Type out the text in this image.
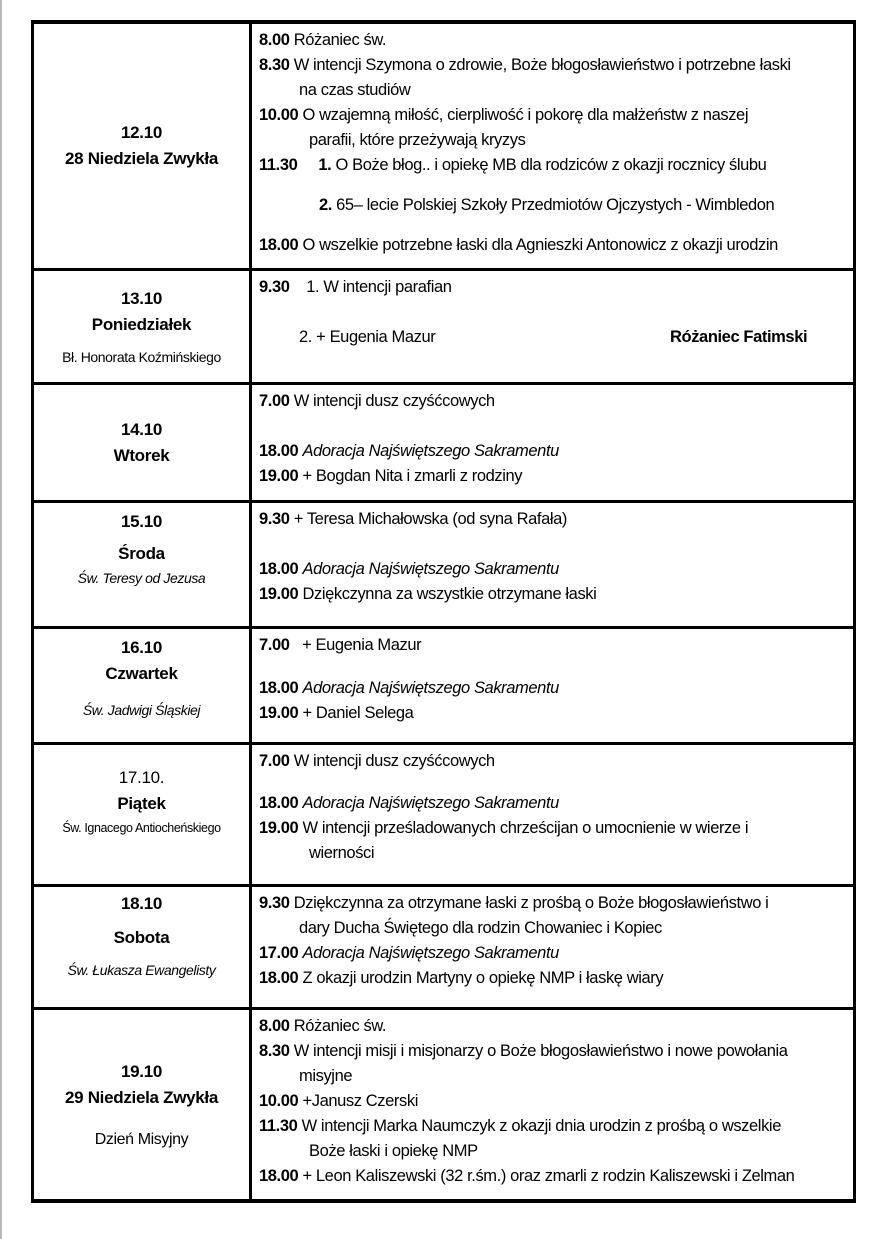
12.10
28 Niedziela Zwykła
8.00 Różaniec św.
8.30 W intencji Szymona o zdrowie, Boże błogosławieństwo i potrzebne łaski
na czas studiów
10.00 O wzajemną miłość, cierpliwość i pokorę dla małżeństw z naszej
parafii, które przeżywają kryzys
11.30 1. O Boże błog.. i opiekę MB dla rodziców z okazji rocznicy ślubu
2. 65– lecie Polskiej Szkoły Przedmiotów Ojczystych - Wimbledon
18.00 O wszelkie potrzebne łaski dla Agnieszki Antonowicz z okazji urodzin
13.10
Poniedziałek
Bł. Honorata Koźmińskiego
9.30 1. W intencji parafian
2. + Eugenia Mazur	Różaniec Fatimski
14.10
Wtorek
7.00 W intencji dusz czyśćcowych
18.00 Adoracja Najświętszego Sakramentu
19.00 + Bogdan Nita i zmarli z rodziny
15.10
Środa
Św. Teresy od Jezusa
9.30 + Teresa Michałowska (od syna Rafała)
18.00 Adoracja Najświętszego Sakramentu
19.00 Dziękczynna za wszystkie otrzymane łaski
16.10
Czwartek
Św. Jadwigi Śląskiej
7.00 + Eugenia Mazur
18.00 Adoracja Najświętszego Sakramentu
19.00 + Daniel Selega
17.10.
Piątek
Św. Ignacego Antiocheńskiego
7.00 W intencji dusz czyśćcowych
18.00 Adoracja Najświętszego Sakramentu
19.00 W intencji prześladowanych chrześcijan o umocnienie w wierze i
wierności
18.10
Sobota
Św. Łukasza Ewangelisty
9.30 Dziękczynna za otrzymane łaski z prośbą o Boże błogosławieństwo i
dary Ducha Świętego dla rodzin Chowaniec i Kopiec
17.00 Adoracja Najświętszego Sakramentu
18.00 Z okazji urodzin Martyny o opiekę NMP i łaskę wiary
19.10
29 Niedziela Zwykła
Dzień Misyjny
8.00 Różaniec św.
8.30 W intencji misji i misjonarzy o Boże błogosławieństwo i nowe powołania
misyjne
10.00 +Janusz Czerski
11.30 W intencji Marka Naumczyk z okazji dnia urodzin z prośbą o wszelkie
Boże łaski i opiekę NMP
18.00 + Leon Kaliszewski (32 r.śm.) oraz zmarli z rodzin Kaliszewski i Zelman
